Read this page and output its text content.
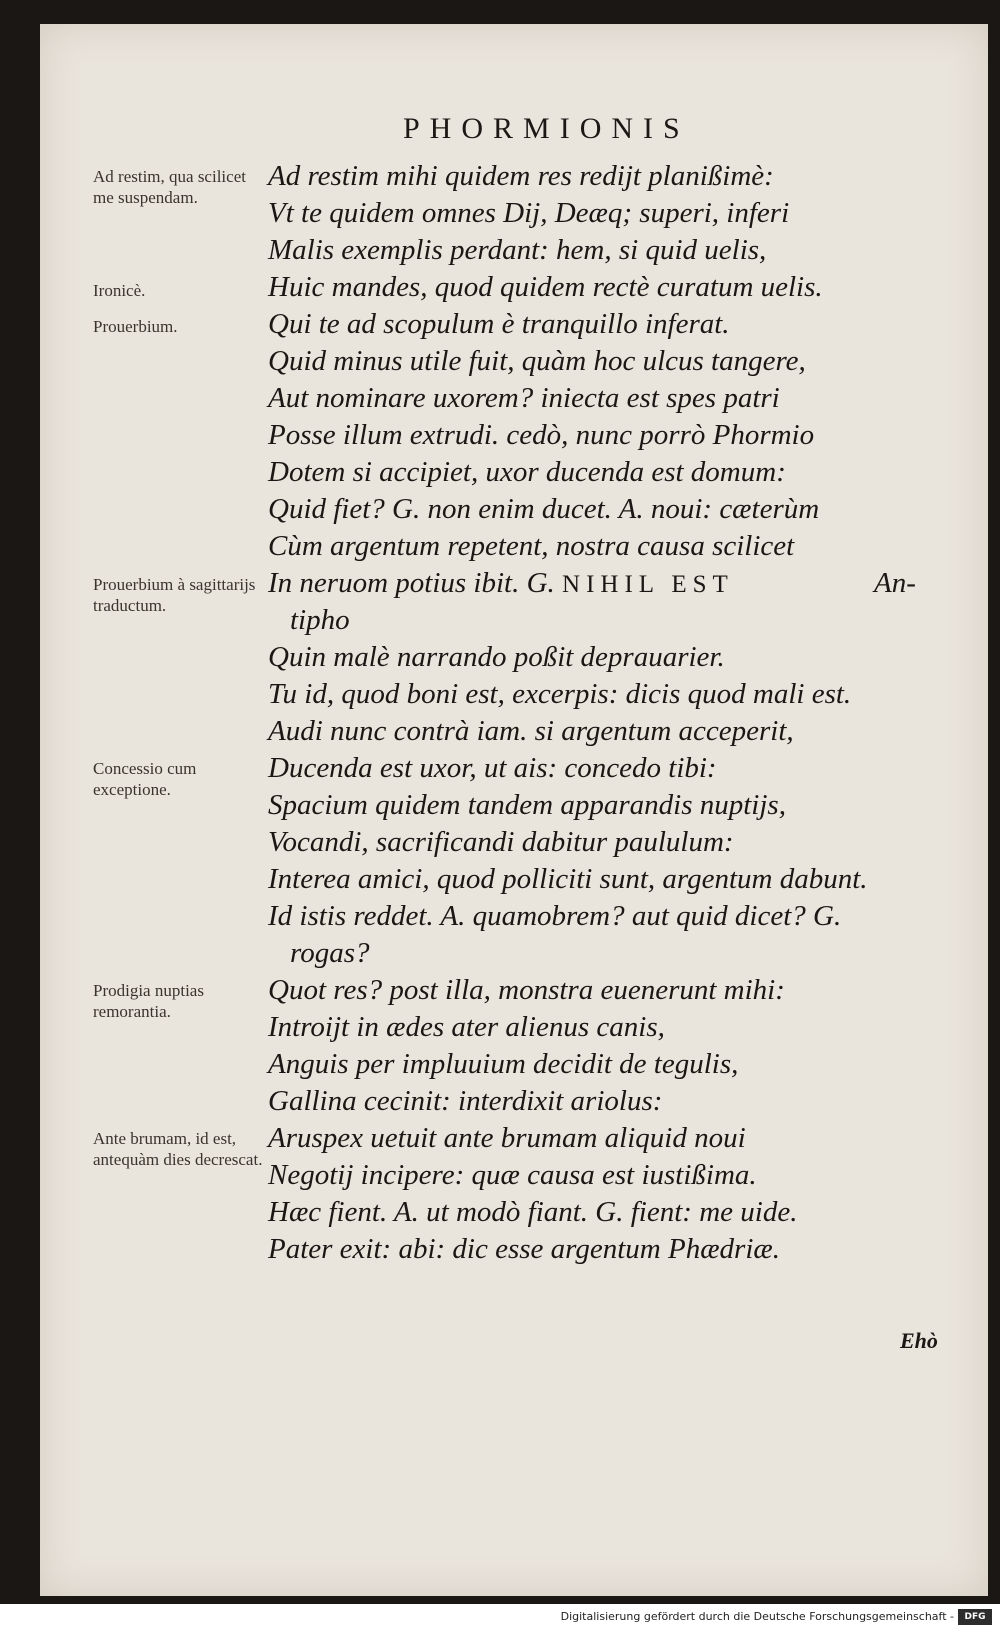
PHORMIONIS
Ad restim mihi quidem res redijt planißimè:
Vt te quidem omnes Dij, Deæq; superi, inferi
Malis exemplis perdant: hem, si quid uelis,
Huic mandes, quod quidem rectè curatum uelis.
Qui te ad scopulum è tranquillo inferat.
Quid minus utile fuit, quàm hoc ulcus tangere,
Aut nominare uxorem? iniecta est spes patri
Posse illum extrudi. cedò, nunc porrò Phormio
Dotem si accipiet, uxor ducenda est domum:
Quid fiet? G. non enim ducet. A. noui: cæterùm
Cùm argentum repetent, nostra causa scilicet
In neruom potius ibit. G. NIHIL EST	An-
tipho
Quin malè narrando poßit deprauarier.
Tu id, quod boni est, excerpis: dicis quod mali est.
Audi nunc contrà iam. si argentum acceperit,
Ducenda est uxor, ut ais: concedo tibi:
Spacium quidem tandem apparandis nuptijs,
Vocandi, sacrificandi dabitur paululum:
Interea amici, quod polliciti sunt, argentum dabunt.
Id istis reddet. A. quamobrem? aut quid dicet? G.
rogas?
Quot res? post illa, monstra euenerunt mihi:
Introijt in ædes ater alienus canis,
Anguis per impluuium decidit de tegulis,
Gallina cecinit: interdixit ariolus:
Aruspex uetuit ante brumam aliquid noui
Negotij incipere: quæ causa est iustißima.
Hæc fient. A. ut modò fiant. G. fient: me uide.
Pater exit: abi: dic esse argentum Phædriæ.
Ad restim, qua scilicet me suspendam.
Ironicè.
Prouerbium.
Prouerbium à sagittarijs traductum.
Concessio cum exceptione.
Prodigia nuptias remorantia.
Ante brumam, id est, antequàm dies decrescat.
Ehò
Digitalisierung gefördert durch die Deutsche Forschungsgemeinschaft -	DFG
